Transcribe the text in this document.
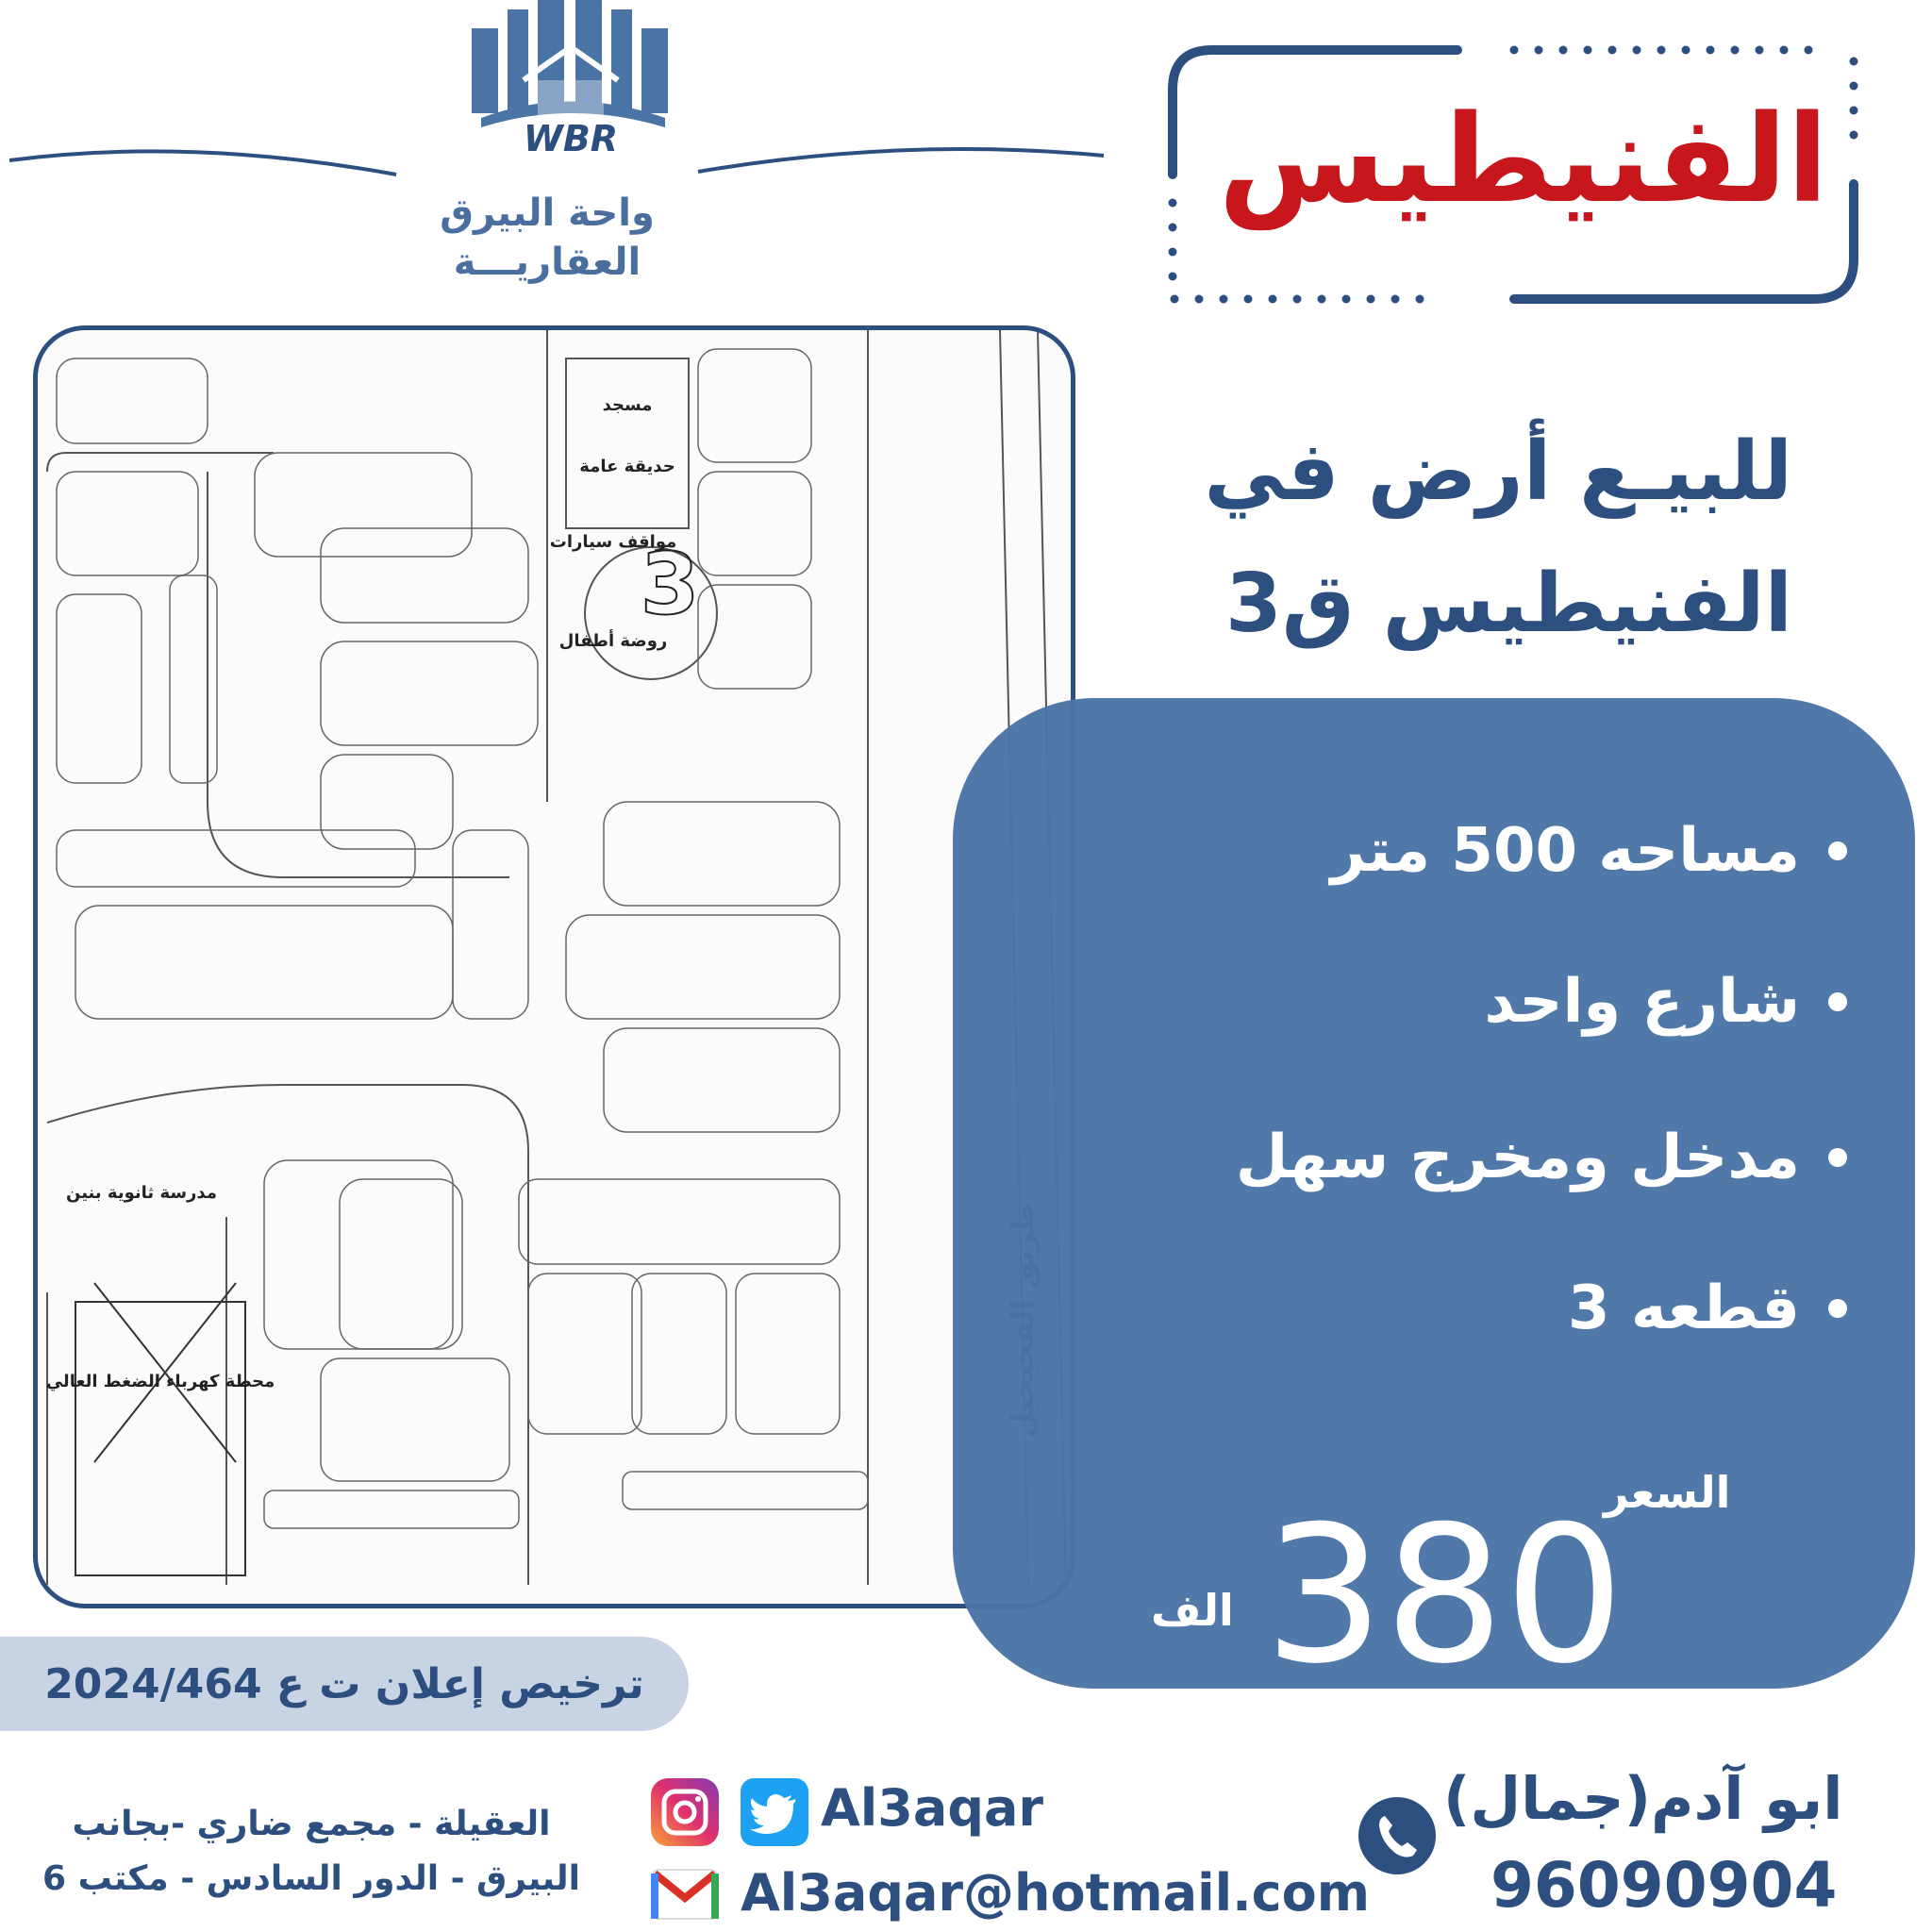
الفنيطيس
WBR
واحة البيرق
العقاريـــة
مسجد
حديقة عامة
مواقف سيارات
روضة أطفال
3
مدرسة ثانوية بنين
محطة كهرباء الضغط العالي
للبيـع أرض في
الفنيطيس ق3
مساحه 500 متر
شارع واحد
مدخل ومخرج سهل
قطعه 3
السعر
380
الف
ترخيص إعلان ت ع 2024/464
العقيلة - مجمع ضاري -بجانب
البيرق - الدور السادس - مكتب 6
Al3aqar
Al3aqar@hotmail.com
ابو آدم(جمال)
96090904
